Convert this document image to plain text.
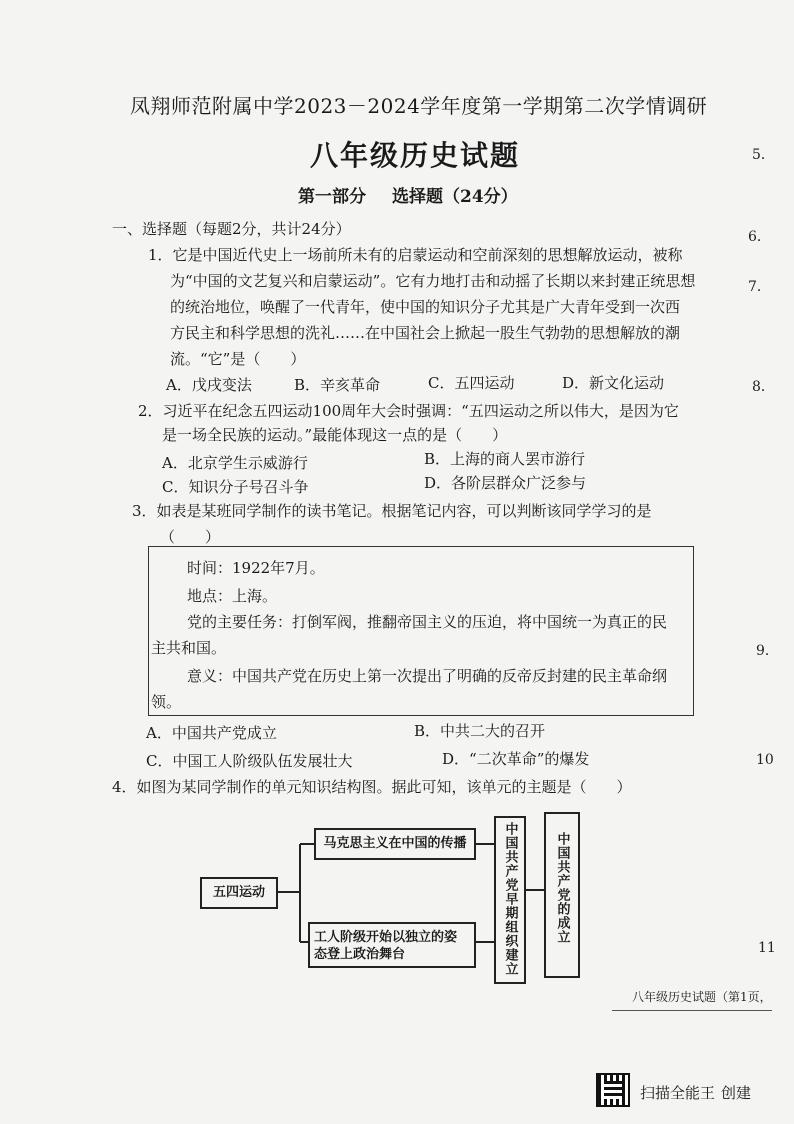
凤翔师范附属中学2023－2024学年度第一学期第二次学情调研
八年级历史试题
第一部分 选择题（24分）
一、选择题（每题2分，共计24分）
1．它是中国近代史上一场前所未有的启蒙运动和空前深刻的思想解放运动，被称
为“中国的文艺复兴和启蒙运动”。它有力地打击和动摇了长期以来封建正统思想
的统治地位，唤醒了一代青年，使中国的知识分子尤其是广大青年受到一次西
方民主和科学思想的洗礼……在中国社会上掀起一股生气勃勃的思想解放的潮
流。“它”是（　　）
A．戊戌变法	B．辛亥革命	C．五四运动	D．新文化运动
2．习近平在纪念五四运动100周年大会时强调：“五四运动之所以伟大，是因为它
是一场全民族的运动。”最能体现这一点的是（　　）
A．北京学生示威游行	B．上海的商人罢市游行
C．知识分子号召斗争	D．各阶层群众广泛参与
3．如表是某班同学制作的读书笔记。根据笔记内容，可以判断该同学学习的是
（　　）
时间：1922年7月。
地点：上海。
党的主要任务：打倒军阀，推翻帝国主义的压迫，将中国统一为真正的民
主共和国。
意义：中国共产党在历史上第一次提出了明确的反帝反封建的民主革命纲
领。
A．中国共产党成立	B．中共二大的召开
C．中国工人阶级队伍发展壮大	D．“二次革命”的爆发
4．如图为某同学制作的单元知识结构图。据此可知，该单元的主题是（　　）
五四运动
马克思主义在中国的传播
工人阶级开始以独立的姿
态登上政治舞台	中国共产党早期组织建立	中国共产党的成立
5．
6．
7．
8．
9．
10
11
八年级历史试题（第1页，
扫描全能王 创建
